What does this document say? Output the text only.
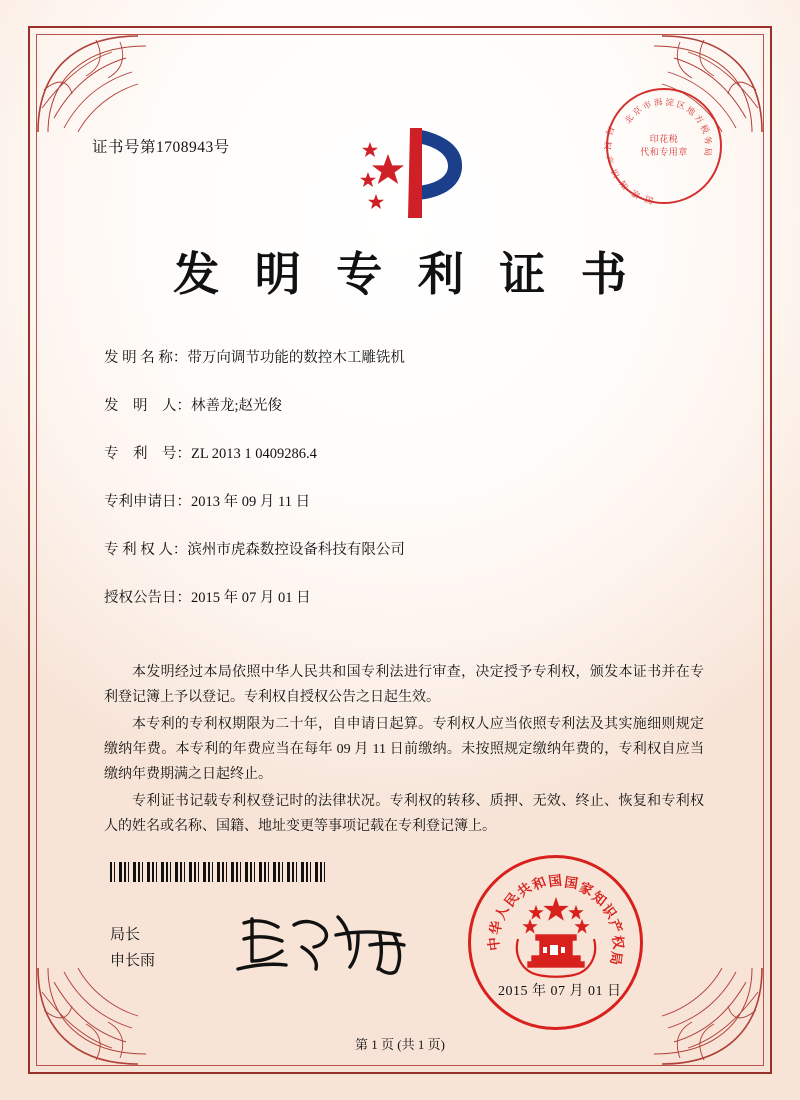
证书号第1708943号
北
京
市 海 淀 区
地
方
税
务
局
国
家
知
识
产
权
局
印花税
代和专用章
发 明 专 利 证 书
发 明 名 称： 带万向调节功能的数控木工雕铣机
发　明　人： 林善龙;赵光俊
专　利　号： ZL 2013 1 0409286.4
专利申请日： 2013 年 09 月 11 日
专 利 权 人： 滨州市虎森数控设备科技有限公司
授权公告日： 2015 年 07 月 01 日

本发明经过本局依照中华人民共和国专利法进行审查，决定授予专利权，颁发本证书并在专利登记簿上予以登记。专利权自授权公告之日起生效。

本专利的专利权期限为二十年，自申请日起算。专利权人应当依照专利法及其实施细则规定缴纳年费。本专利的年费应当在每年 09 月 11 日前缴纳。未按照规定缴纳年费的，专利权自应当缴纳年费期满之日起终止。

专利证书记载专利权登记时的法律状况。专利权的转移、质押、无效、终止、恢复和专利权人的姓名或名称、国籍、地址变更等事项记载在专利登记簿上。

局长
申长雨
中
华
人
民
共
和 国 国
家
知
识
产
权
局
2015 年 07 月 01 日
第 1 页 (共 1 页)
